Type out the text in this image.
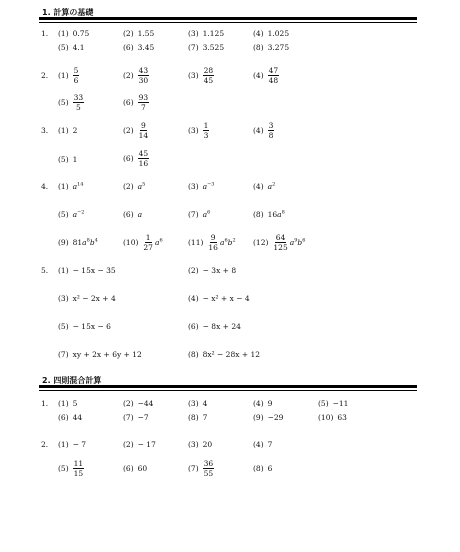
1. 計算の基礎
1. (1) 0.75	(2) 1.55	(3) 1.125	(4) 1.025
(5) 4.1	(6) 3.45	(7) 3.525	(8) 3.275
2. $(1) \frac{5}{6}$	$(2) \frac{43}{30}$	$(3) \frac{28}{45}$	$(4) \frac{47}{48}$
$(5) \frac{33}{5}$	$(6) \frac{93}{7}$
3. (1) 2	$(2) \frac{9}{14}$	$(3) \frac{1}{3}$	$(4) \frac{3}{8}$
(5) 1	$(6) \frac{45}{16}$
4. (1) $a^{14}$	(2) $a^5$	(3) $a^{-3}$	(4) $a^2$
(5) $a^{-2}$	(6) a	(7) $a^6$	(8) $16a^8$
(9) $81a^8b^4$	$(10) \frac{1}{27} a^6$	$(11) \frac{9}{16} a^6b^2$ $(12) \frac{64}{125} a^9b^6$
5. (1) − 15x − 35	(2) − 3x + 8
(3) x² − 2x + 4	(4) − x² + x − 4
(5) − 15x − 6	(6) − 8x + 24
(7) xy + 2x + 6y + 12	(8) 8x² − 28x + 12
2. 四則混合計算
1. (1) 5	(2) −44	(3) 4	(4) 9	(5) −11
(6) 44	(7) −7	(8) 7	(9) −29	(10) 63
2. (1) − 7	(2) − 17	(3) 20	(4) 7
$(5) \frac{11}{15}$	(6) 60	$(7) \frac{36}{55}$	(8) 6
